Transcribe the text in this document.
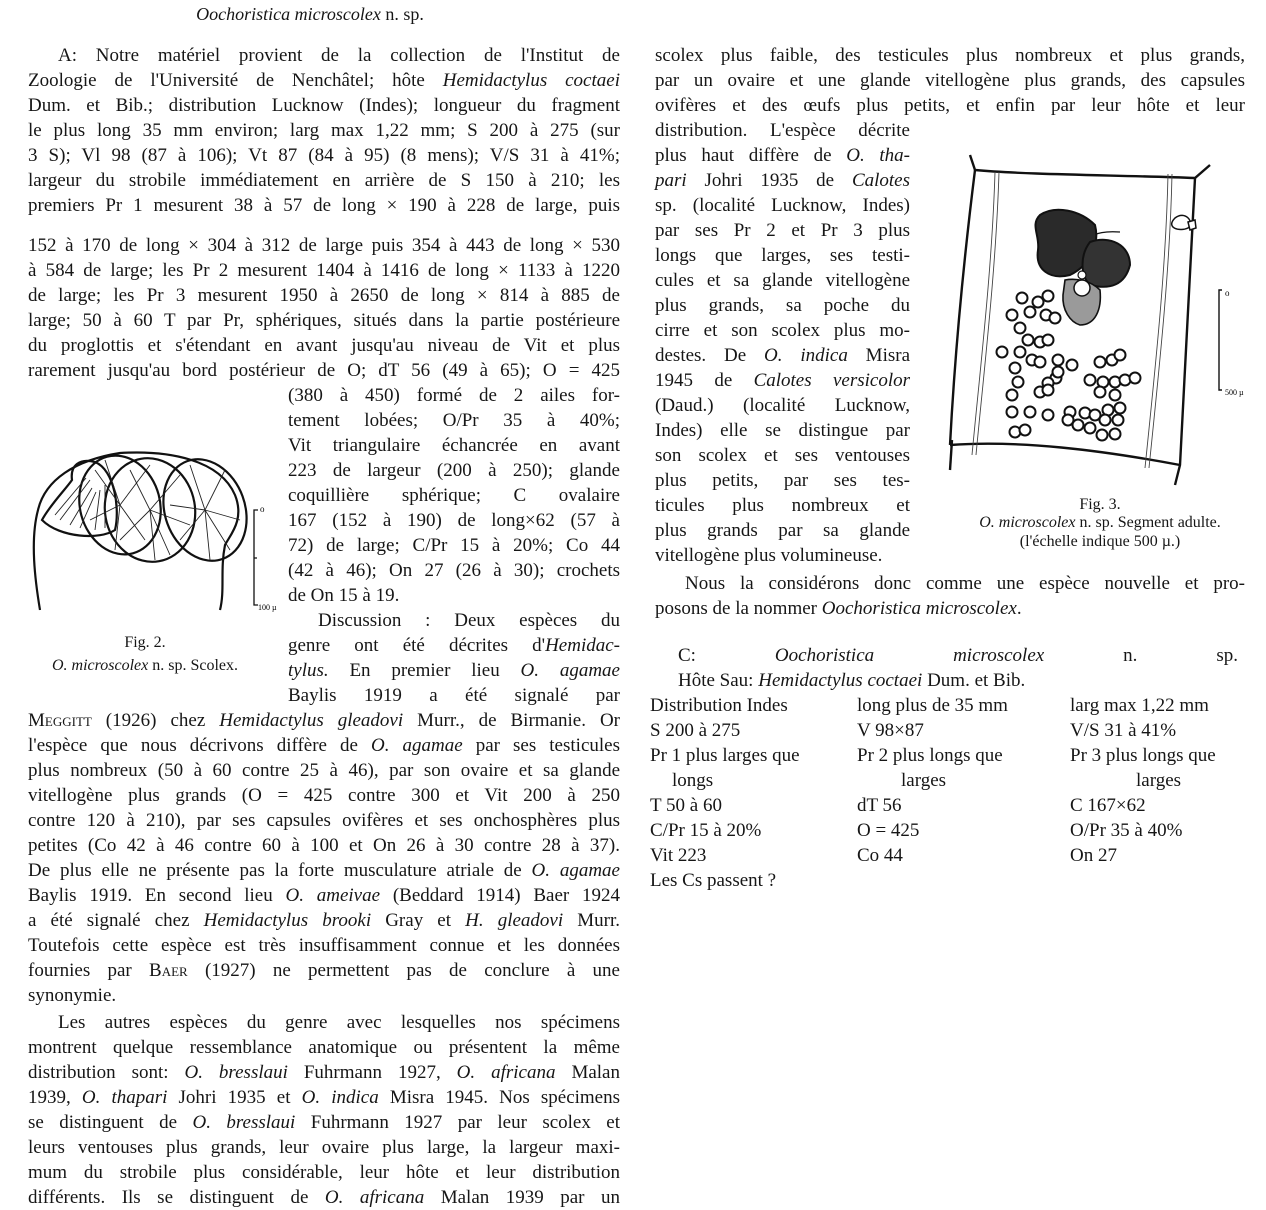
Oochoristica microscolex n. sp.
A: Notre matériel provient de la collection de l'Institut de
Zoologie de l'Université de Nenchâtel; hôte Hemidactylus coctaei
Dum. et Bib.; distribution Lucknow (Indes); longueur du fragment
le plus long 35 mm environ; larg max 1,22 mm; S 200 à 275 (sur
3 S); Vl 98 (87 à 106); Vt 87 (84 à 95) (8 mens); V/S 31 à 41%;
largeur du strobile immédiatement en arrière de S 150 à 210; les
premiers Pr 1 mesurent 38 à 57 de long × 190 à 228 de large, puis
152 à 170 de long × 304 à 312 de large puis 354 à 443 de long × 530
à 584 de large; les Pr 2 mesurent 1404 à 1416 de long × 1133 à 1220
de large; les Pr 3 mesurent 1950 à 2650 de long × 814 à 885 de
large; 50 à 60 T par Pr, sphériques, situés dans la partie postérieure
du proglottis et s'étendant en avant jusqu'au niveau de Vit et plus
rarement jusqu'au bord postérieur de O; dT 56 (49 à 65); O = 425
(380 à 450) formé de 2 ailes for-
tement lobées; O/Pr 35 à 40%;
Vit triangulaire échancrée en avant
223 de largeur (200 à 250); glande
coquillière sphérique; C ovalaire
167 (152 à 190) de long×62 (57 à
72) de large; C/Pr 15 à 20%; Co 44
(42 à 46); On 27 (26 à 30); crochets
de On 15 à 19.
Discussion : Deux espèces du
genre ont été décrites d'Hemidac-
tylus. En premier lieu O. agamae
Baylis 1919 a été signalé par
Meggitt (1926) chez Hemidactylus gleadovi Murr., de Birmanie. Or
l'espèce que nous décrivons diffère de O. agamae par ses testicules
plus nombreux (50 à 60 contre 25 à 46), par son ovaire et sa glande
vitellogène plus grands (O = 425 contre 300 et Vit 200 à 250
contre 120 à 210), par ses capsules ovifères et ses onchosphères plus
petites (Co 42 à 46 contre 60 à 100 et On 26 à 30 contre 28 à 37).
De plus elle ne présente pas la forte musculature atriale de O. agamae
Baylis 1919. En second lieu O. ameivae (Beddard 1914) Baer 1924
a été signalé chez Hemidactylus brooki Gray et H. gleadovi Murr.
Toutefois cette espèce est très insuffisamment connue et les données
fournies par Baer (1927) ne permettent pas de conclure à une
synonymie.
Les autres espèces du genre avec lesquelles nos spécimens
montrent quelque ressemblance anatomique ou présentent la même
distribution sont: O. bresslaui Fuhrmann 1927, O. africana Malan
1939, O. thapari Johri 1935 et O. indica Misra 1945. Nos spécimens
se distinguent de O. bresslaui Fuhrmann 1927 par leur scolex et
leurs ventouses plus grands, leur ovaire plus large, la largeur maxi-
mum du strobile plus considérable, leur hôte et leur distribution
différents. Ils se distinguent de O. africana Malan 1939 par un
scolex plus faible, des testicules plus nombreux et plus grands,
par un ovaire et une glande vitellogène plus grands, des capsules
ovifères et des œufs plus petits, et enfin par leur hôte et leur
distribution. L'espèce décrite
plus haut diffère de O. tha-
pari Johri 1935 de Calotes
sp. (localité Lucknow, Indes)
par ses Pr 2 et Pr 3 plus
longs que larges, ses testi-
cules et sa glande vitellogène
plus grands, sa poche du
cirre et son scolex plus mo-
destes. De O. indica Misra
1945 de Calotes versicolor
(Daud.) (localité Lucknow,
Indes) elle se distingue par
son scolex et ses ventouses
plus petits, par ses tes-
ticules plus nombreux et
plus grands par sa glande
vitellogène plus volumineuse.
Nous la considérons donc comme une espèce nouvelle et pro-
posons de la nommer Oochoristica microscolex.
C: Oochoristica microscolex n. sp.
Hôte Sau: Hemidactylus coctaei Dum. et Bib.
Distribution Indes	long plus de 35 mm	larg max 1,22 mm
S 200 à 275	V 98×87	V/S 31 à 41%
Pr 1 plus larges que	Pr 2 plus longs que	Pr 3 plus longs que
longs	larges	larges
T 50 à 60	dT 56	C 167×62
C/Pr 15 à 20%	O = 425	O/Pr 35 à 40%
Vit 223	Co 44	On 27
Les Cs passent ?
o
100 µ
Fig. 2.
O. microscolex n. sp. Scolex.
o
500 µ
Fig. 3.
O. microscolex n. sp. Segment adulte.
(l'échelle indique 500 µ.)
